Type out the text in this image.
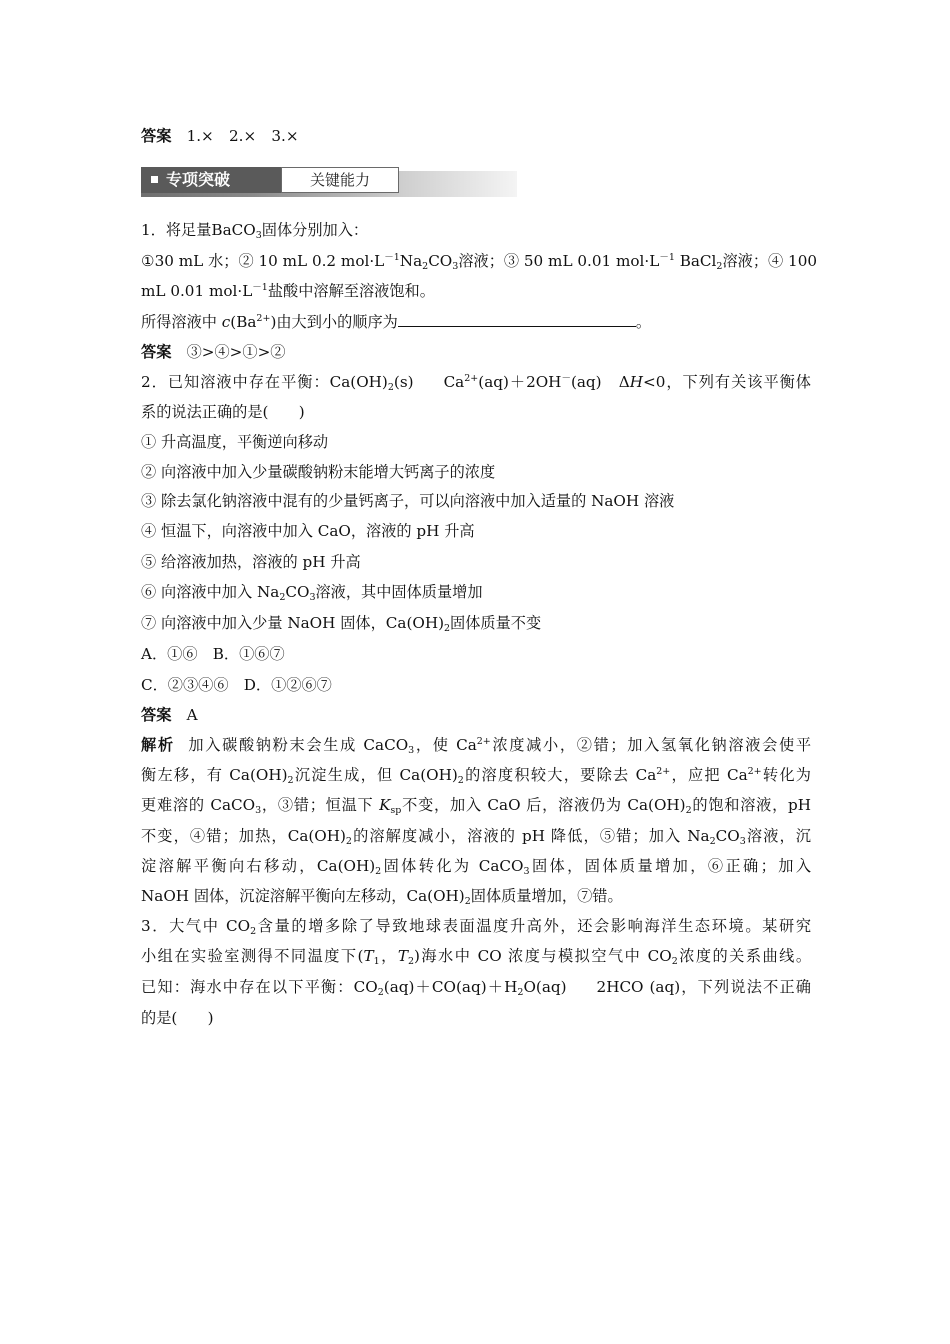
答案　 1.×　2.×　3.×
专项突破	关键能力
1．将足量BaCO$_3$固体分别加入：
①30 mL 水；② 10 mL 0.2 $mol\cdot L^{-1}Na_2CO_3$溶液；③ 50 mL 0.01 $mol\cdot L^{-1}$ BaCl$_2$溶液；④ 100
mL 0.01 $mol\cdot L^{-1}$盐酸中溶解至溶液饱和。
所得溶液中 $c(Ba^{2+})$由大到小的顺序为	。
答案　 ③>④>①>②
2．已知溶液中存在平衡：$Ca(OH)_2(s)$ $Ca^{2+}(aq)+2OH^-(aq)$　ΔH<0，下列有关该平衡体
系的说法正确的是(　　)
① 升高温度，平衡逆向移动
② 向溶液中加入少量碳酸钠粉末能增大钙离子的浓度
③ 除去氯化钠溶液中混有的少量钙离子，可以向溶液中加入适量的 NaOH 溶液
④ 恒温下，向溶液中加入 CaO，溶液的 pH 升高
⑤ 给溶液加热，溶液的 pH 升高
⑥ 向溶液中加入 $Na_2CO_3$溶液，其中固体质量增加
⑦ 向溶液中加入少量 NaOH 固体，$Ca(OH)_2$固体质量不变
A．①⑥　B．①⑥⑦
C．②③④⑥　D．①②⑥⑦
答案　 A
解析 加入碳酸钠粉末会生成 CaCO$_3$，使 $Ca^{2+}$浓度减小，②错；加入氢氧化钠溶液会使平
衡左移，有 $Ca(OH)_2$沉淀生成，但 $Ca(OH)_2$的溶度积较大，要除去 $Ca^{2+}$，应把 $Ca^{2+}$转化为
更难溶的 CaCO$_3$，③错；恒温下 $K_{sp}$不变，加入 CaO 后，溶液仍为 $Ca(OH)_2$的饱和溶液，pH
不变，④错；加热，$Ca(OH)_2$的溶解度减小，溶液的 pH 降低，⑤错；加入 $Na_2CO_3$溶液，沉
淀溶解平衡向右移动，$Ca(OH)_2$固体转化为 CaCO$_3$固体，固体质量增加，⑥正确；加入
NaOH 固体，沉淀溶解平衡向左移动，$Ca(OH)_2$固体质量增加，⑦错。
3．大气中 $CO_2$含量的增多除了导致地球表面温度升高外，还会影响海洋生态环境。某研究
小组在实验室测得不同温度下($T_1$，$T_2$)海水中 CO 浓度与模拟空气中 $CO_2$浓度的关系曲线。
已知：海水中存在以下平衡：$CO_2(aq)+CO(aq)+H_2O(aq)$ 2HCO (aq)，下列说法不正确
的是(　　)
